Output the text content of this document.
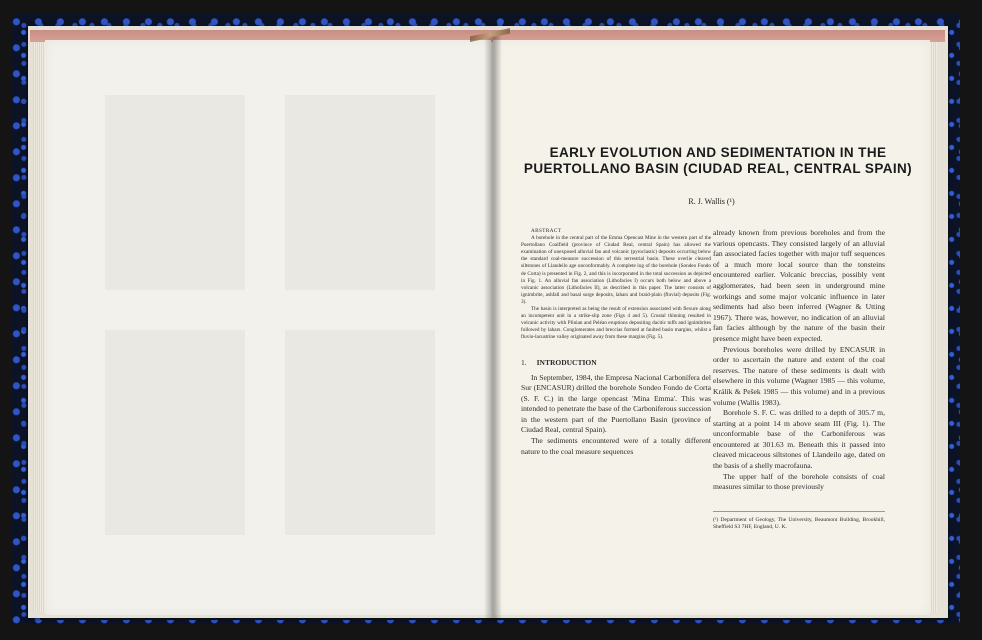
EARLY EVOLUTION AND SEDIMENTATION IN THE PUERTOLLANO BASIN (CIUDAD REAL, CENTRAL SPAIN)

R. J. Wallis (¹)

ABSTRACT

A borehole in the central part of the Emma Opencast Mine in the western part of the Puertollano Coalfield (province of Ciudad Real, central Spain) has allowed the examination of unexposed alluvial fan and volcanic (pyroclastic) deposits occurring below the standard coal-measure succession of this terrestrial basin. These overlie cleaved siltstones of Llandeilo age unconformably. A complete log of the borehole (Sondeo Fondo de Corta) is presented in Fig. 2, and this is incorporated in the total succession as depicted in Fig. 1. An alluvial fan association (Lithofacies I) occurs both below and above a volcanic association (Lithofacies II), as described in this paper. The latter consists of ignimbrite, ashfall and basal surge deposits, lahars and braid-plain (fluvial) deposits (Fig. 3).

The basin is interpreted as being the result of extension associated with flexure along an incompetent unit in a strike-slip zone (Figs 4 and 5). Crustal thinning resulted in volcanic activity with Plinian and Peléan eruptions depositing dacitic tuffs and ignimbrites followed by lahars. Conglomerates and breccias formed at faulted basin margins, whilst a fluvio-lacustrine valley originated away from these margins (Fig. 5).

1. INTRODUCTION

In September, 1984, the Empresa Nacional Carbonífera del Sur (ENCASUR) drilled the borehole Sondeo Fondo de Corta (S. F. C.) in the large opencast 'Mina Emma'. This was intended to penetrate the base of the Carboniferous succession in the western part of the Puertollano Basin (province of Ciudad Real, central Spain).

The sediments encountered were of a totally different nature to the coal measure sequences

already known from previous boreholes and from the various opencasts. They consisted largely of an alluvial fan associated facies together with major tuff sequences of a much more local source than the tonsteins encountered earlier. Volcanic breccias, possibly vent agglomerates, had been seen in underground mine workings and some major volcanic influence in later sediments had also been inferred (Wagner & Utting 1967). There was, however, no indication of an alluvial fan facies although by the nature of the basin their presence might have been expected.

Previous boreholes were drilled by ENCASUR in order to ascertain the nature and extent of the coal reserves. The nature of these sediments is dealt with elsewhere in this volume (Wagner 1985 — this volume, Králík & Pešek 1985 — this volume) and in a previous volume (Wallis 1983).

Borehole S. F. C. was drilled to a depth of 305.7 m, starting at a point 14 m above seam III (Fig. 1). The unconformable base of the Carboniferous was encountered at 301.63 m. Beneath this it passed into cleaved micaceous siltstones of Llandeilo age, dated on the basis of a shelly macrofauna.

The upper half of the borehole consists of coal measures similar to those previously

(¹) Department of Geology, The University, Beaumont Building, Brookhill, Sheffield S3 7HF, England, U. K.
